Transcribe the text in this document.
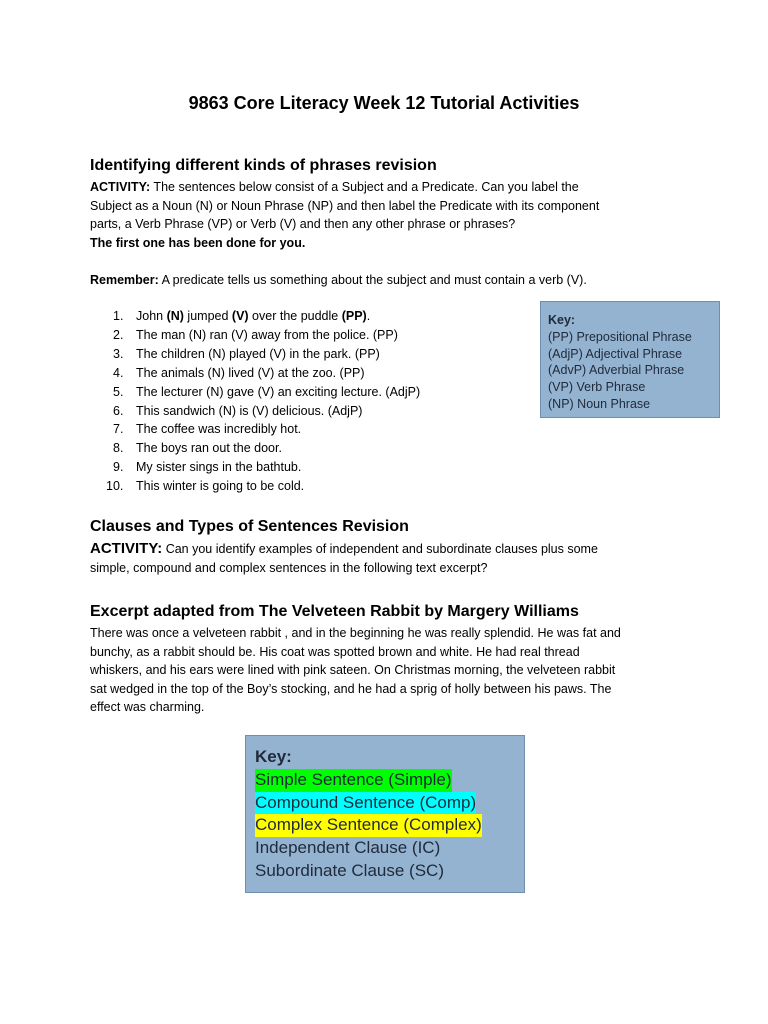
9863 Core Literacy Week 12 Tutorial Activities
Identifying different kinds of phrases revision
ACTIVITY: The sentences below consist of a Subject and a Predicate. Can you label the
Subject as a Noun (N) or Noun Phrase (NP) and then label the Predicate with its component
parts, a Verb Phrase (VP) or Verb (V) and then any other phrase or phrases?
The first one has been done for you.
Remember: A predicate tells us something about the subject and must contain a verb (V).
1.	John (N) jumped (V) over the puddle (PP).
2.	The man (N) ran (V) away from the police. (PP)
3.	The children (N) played (V) in the park. (PP)
4.	The animals (N) lived (V) at the zoo. (PP)
5.	The lecturer (N) gave (V) an exciting lecture. (AdjP)
6.	This sandwich (N) is (V) delicious. (AdjP)
7.	The coffee was incredibly hot.
8.	The boys ran out the door.
9.	My sister sings in the bathtub.
10. This winter is going to be cold.
Key:
(PP) Prepositional Phrase
(AdjP) Adjectival Phrase
(AdvP) Adverbial Phrase
(VP) Verb Phrase
(NP) Noun Phrase
Clauses and Types of Sentences Revision
ACTIVITY: Can you identify examples of independent and subordinate clauses plus some
simple, compound and complex sentences in the following text excerpt?
Excerpt adapted from The Velveteen Rabbit by Margery Williams
There was once a velveteen rabbit , and in the beginning he was really splendid. He was fat and
bunchy, as a rabbit should be. His coat was spotted brown and white. He had real thread
whiskers, and his ears were lined with pink sateen. On Christmas morning, the velveteen rabbit
sat wedged in the top of the Boy’s stocking, and he had a sprig of holly between his paws. The
effect was charming.
Key:
Simple Sentence (Simple)
Compound Sentence (Comp)
Complex Sentence (Complex)
Independent Clause (IC)
Subordinate Clause (SC)
